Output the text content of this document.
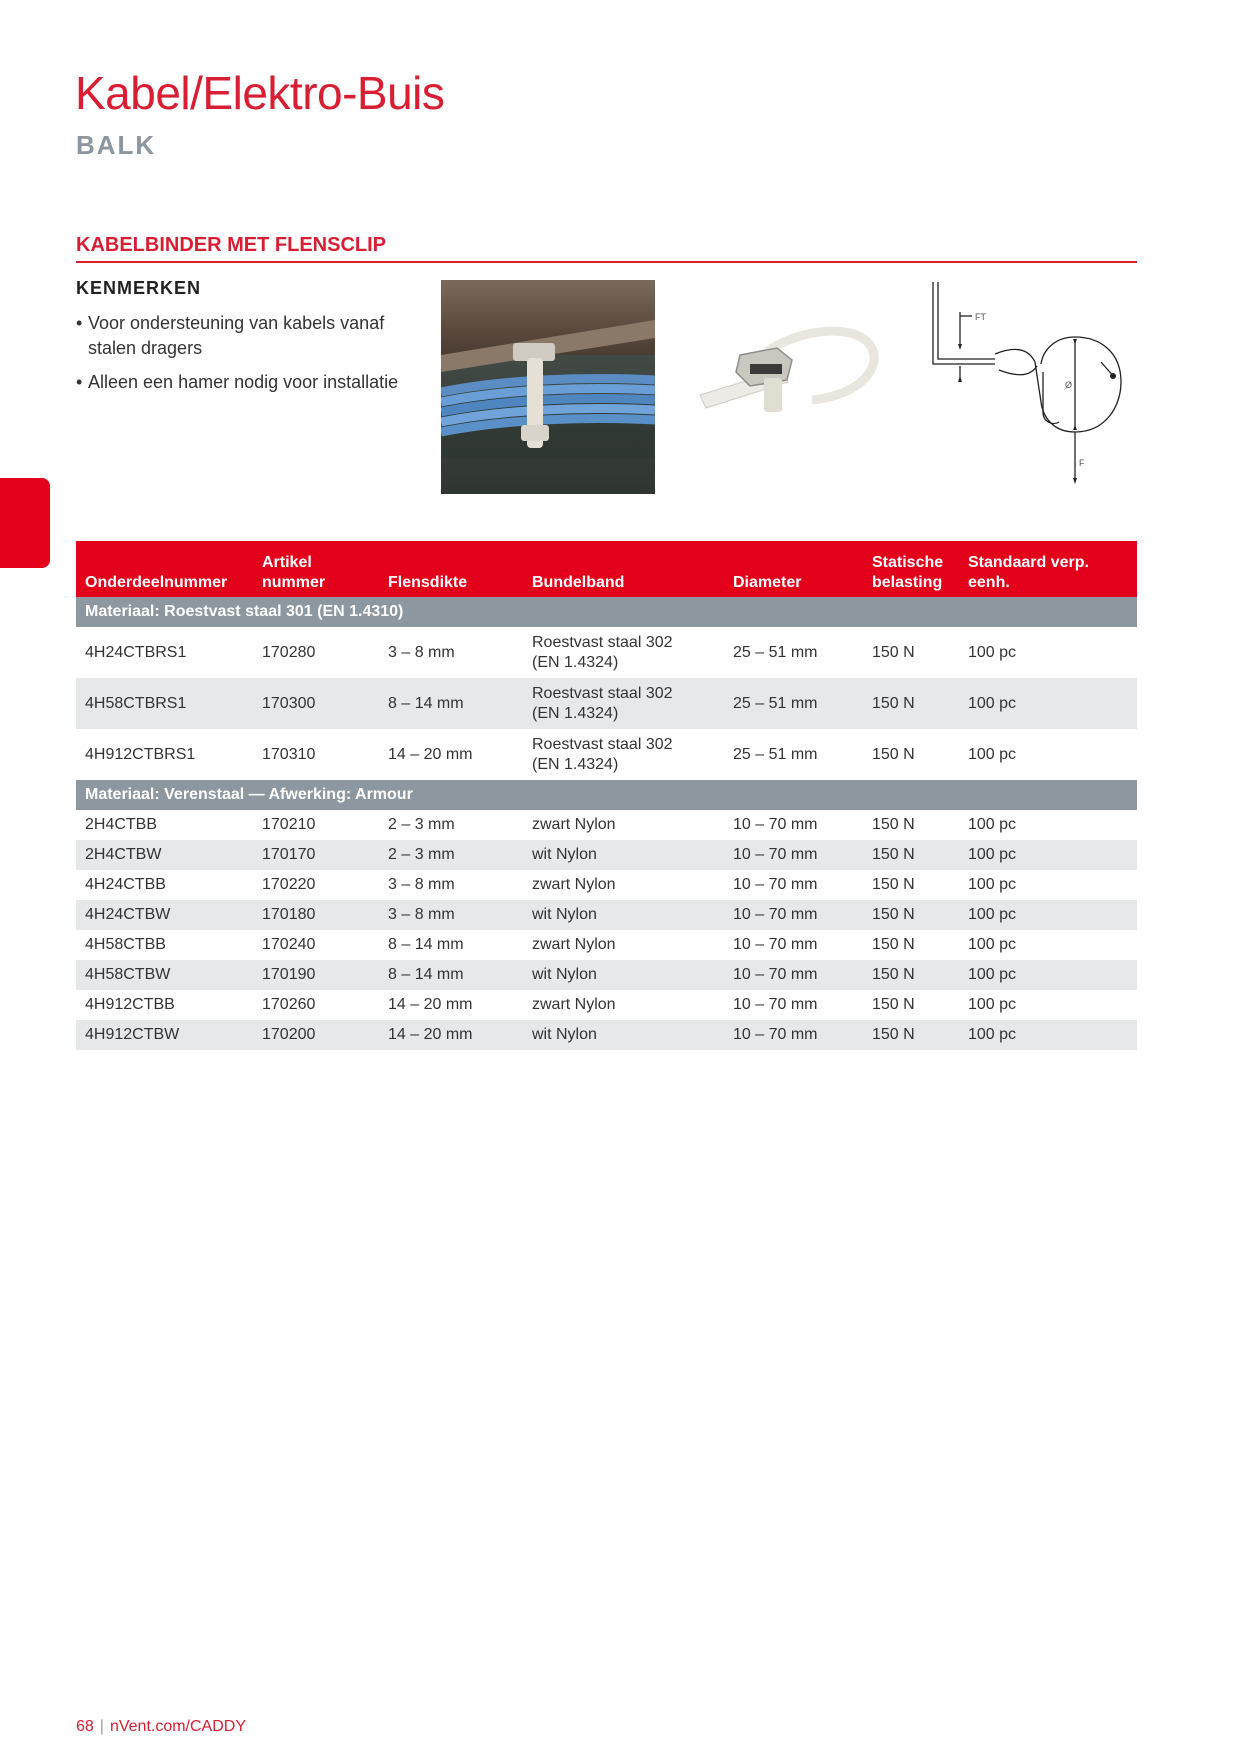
Kabel/Elektro-Buis
BALK
KABELBINDER MET FLENSCLIP
KENMERKEN
• Voor ondersteuning van kabels vanaf stalen dragers
• Alleen een hamer nodig voor installatie
FT
Ø
F
Onderdeelnummer	Artikel
nummer	Flensdikte	Bundelband	Diameter	Statische
belasting	Standaard verp.
eenh.
Materiaal: Roestvast staal 301 (EN 1.4310)						
4H24CTBRS1	170280	3 – 8 mm	Roestvast staal 302
(EN 1.4324)	25 – 51 mm	150 N	100 pc
4H58CTBRS1	170300	8 – 14 mm	Roestvast staal 302
(EN 1.4324)	25 – 51 mm	150 N	100 pc
4H912CTBRS1	170310	14 – 20 mm	Roestvast staal 302
(EN 1.4324)	25 – 51 mm	150 N	100 pc
Materiaal: Verenstaal — Afwerking: Armour						
2H4CTBB	170210	2 – 3 mm	zwart Nylon	10 – 70 mm	150 N	100 pc
2H4CTBW	170170	2 – 3 mm	wit Nylon	10 – 70 mm	150 N	100 pc
4H24CTBB	170220	3 – 8 mm	zwart Nylon	10 – 70 mm	150 N	100 pc
4H24CTBW	170180	3 – 8 mm	wit Nylon	10 – 70 mm	150 N	100 pc
4H58CTBB	170240	8 – 14 mm	zwart Nylon	10 – 70 mm	150 N	100 pc
4H58CTBW	170190	8 – 14 mm	wit Nylon	10 – 70 mm	150 N	100 pc
4H912CTBB	170260	14 – 20 mm	zwart Nylon	10 – 70 mm	150 N	100 pc
4H912CTBW	170200	14 – 20 mm	wit Nylon	10 – 70 mm	150 N	100 pc
68 | nVent.com/CADDY
